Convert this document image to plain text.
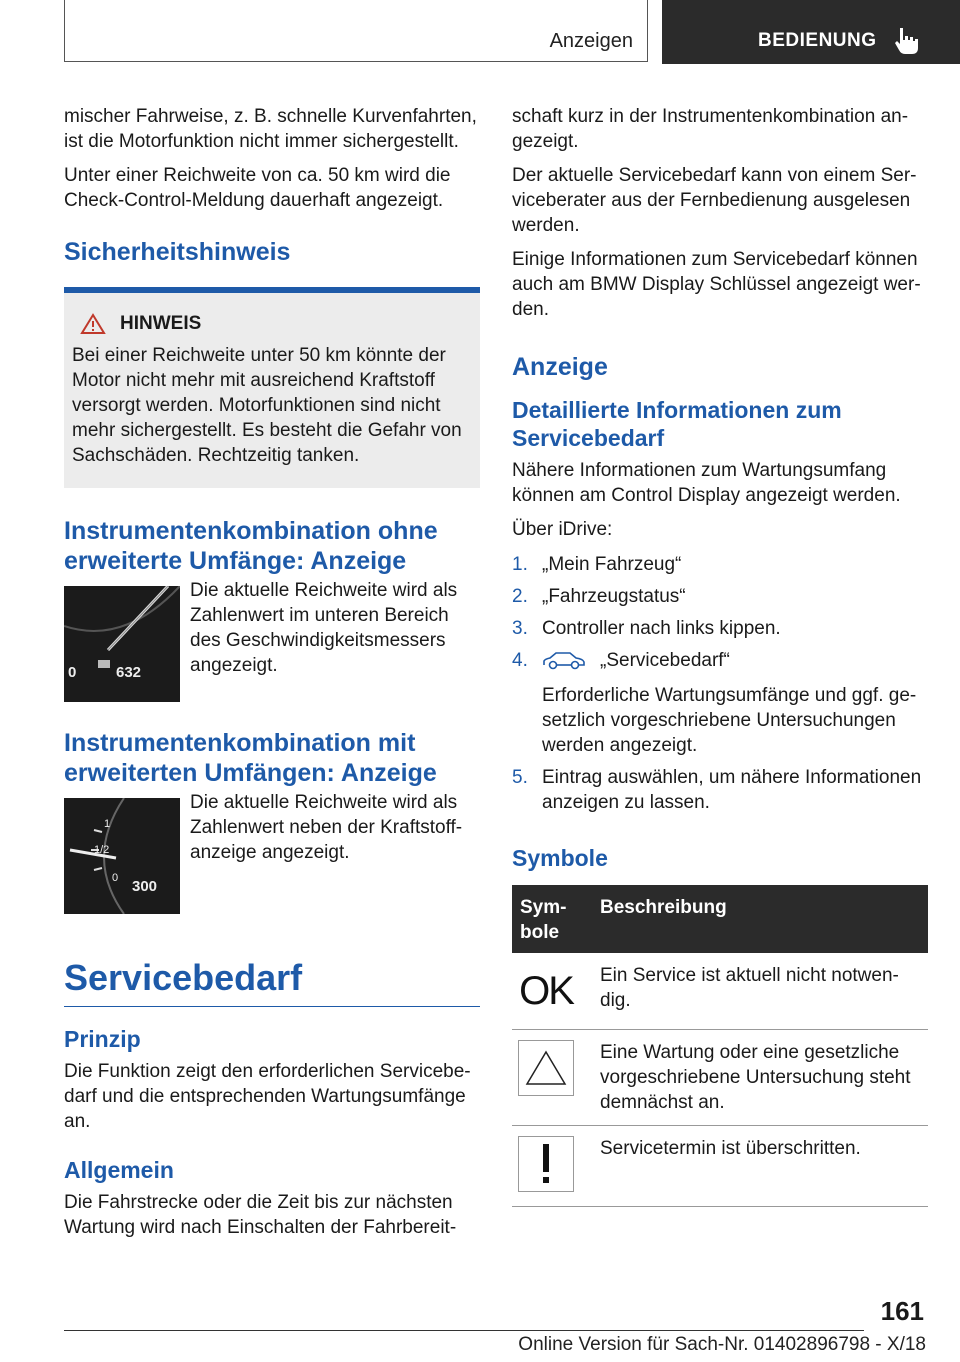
Anzeigen	BEDIENUNG

mischer Fahrweise, z. B. schnelle Kurvenfahrten, ist die Motorfunktion nicht immer sichergestellt.

Unter einer Reichweite von ca. 50 km wird die Check-Control-Meldung dauerhaft angezeigt.

Sicherheitshinweis
HINWEIS

Bei einer Reichweite unter 50 km könnte der Motor nicht mehr mit ausreichend Kraftstoff versorgt werden. Motorfunktionen sind nicht mehr sichergestellt. Es besteht die Gefahr von Sachschäden. Rechtzeitig tanken.

Instrumentenkombination ohne erweiterte Umfänge: Anzeige
0	632
Die aktuelle Reichweite wird als Zahlenwert im unteren Bereich des Geschwindigkeitsmessers angezeigt.
Instrumentenkombination mit erweiterten Umfängen: Anzeige
1
1/2
0 300
Die aktuelle Reichweite wird als Zahlenwert neben der Kraftstoff-anzeige angezeigt.
Servicebedarf
Prinzip

Die Funktion zeigt den erforderlichen Servicebe-darf und die entsprechenden Wartungsumfänge an.

Allgemein

Die Fahrstrecke oder die Zeit bis zur nächsten Wartung wird nach Einschalten der Fahrbereit-

schaft kurz in der Instrumentenkombination an-gezeigt.

Der aktuelle Servicebedarf kann von einem Ser-viceberater aus der Fernbedienung ausgelesen werden.

Einige Informationen zum Servicebedarf können auch am BMW Display Schlüssel angezeigt wer-den.

Anzeige
Detaillierte Informationen zum Servicebedarf

Nähere Informationen zum Wartungsumfang können am Control Display angezeigt werden.

Über iDrive:

1. „Mein Fahrzeug“
2. „Fahrzeugstatus“
3. Controller nach links kippen.
4.	„Servicebedarf“
Erforderliche Wartungsumfänge und ggf. ge-setzlich vorgeschriebene Untersuchungen werden angezeigt.
5. Eintrag auswählen, um nähere Informationen anzeigen zu lassen.
Symbole
Sym-bole	Beschreibung

OK	Ein Service ist aktuell nicht notwen-dig.

	Eine Wartung oder eine gesetzliche vorgeschriebene Untersuchung steht demnächst an.

	Servicetermin ist überschritten.
161
Online Version für Sach-Nr. 01402896798 - X/18
